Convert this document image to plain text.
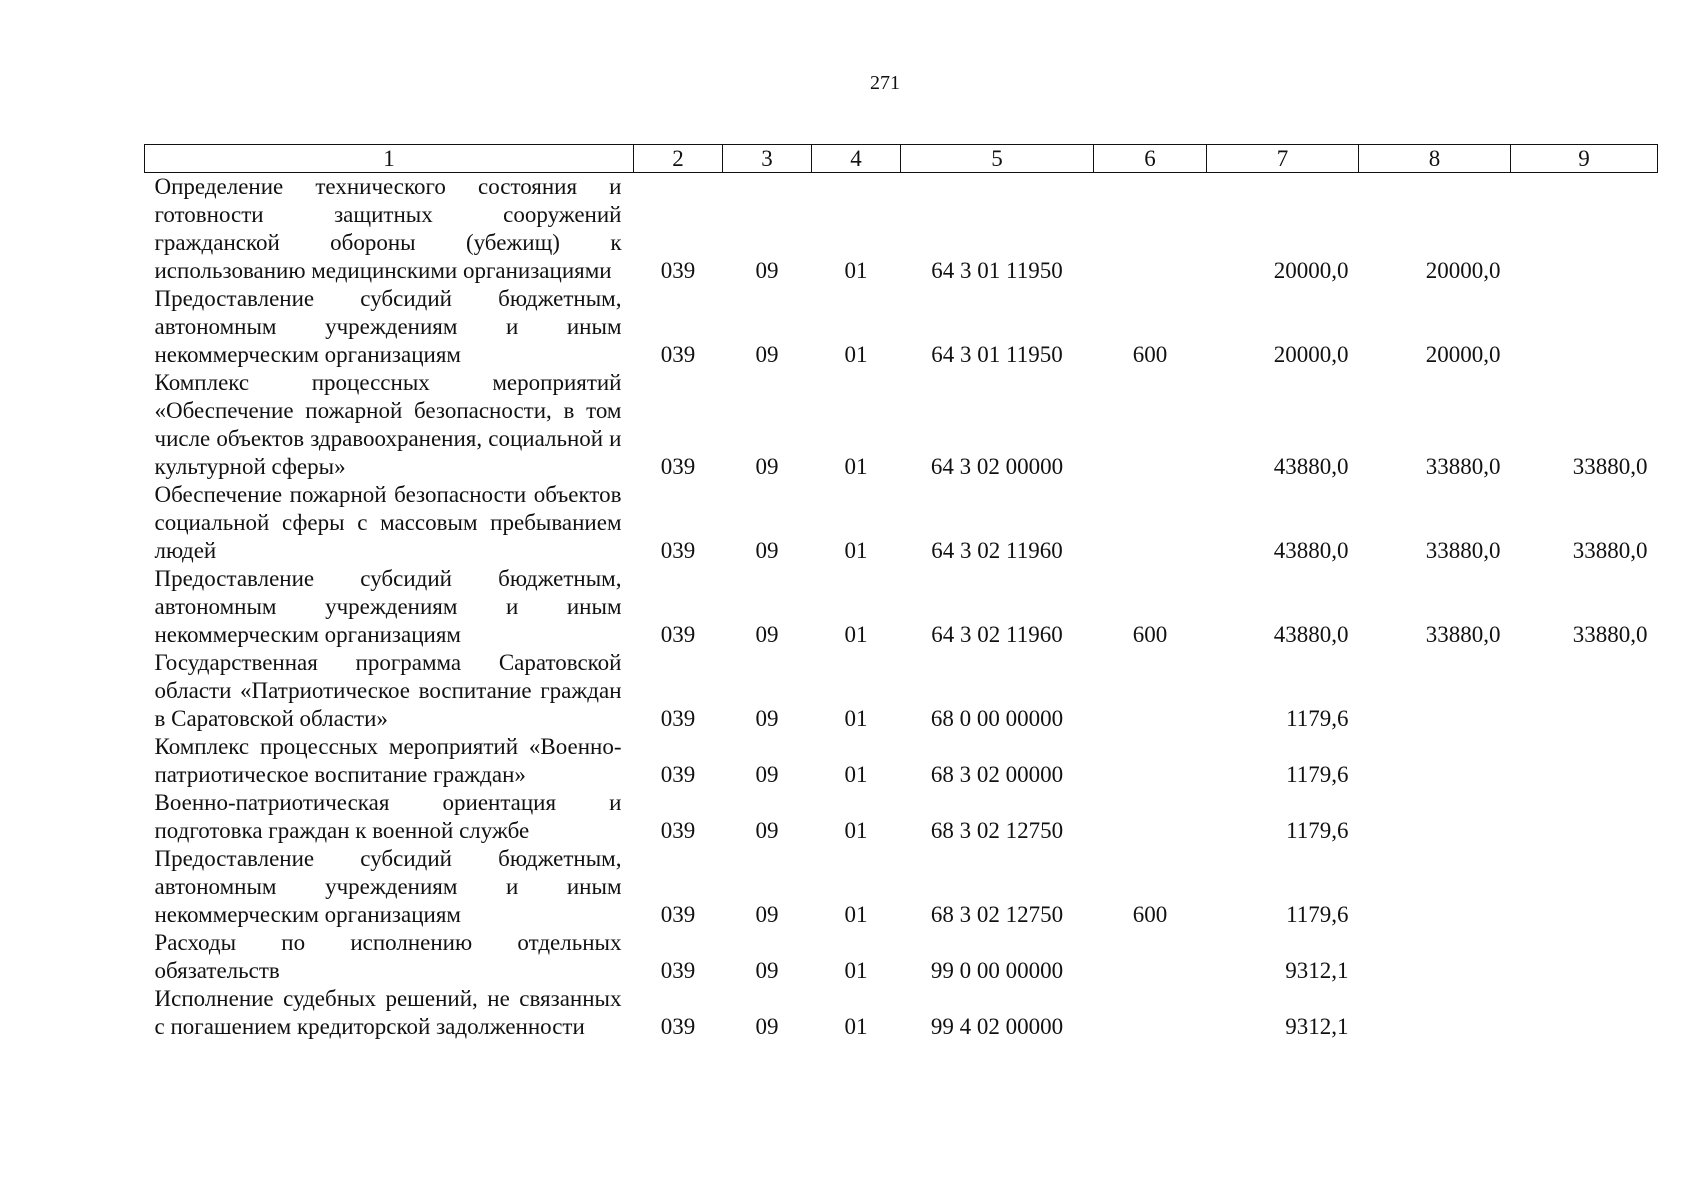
271
1	2	3	4	5	6	7	8	9
Определение технического состояния и готовности защитных сооружений гражданской обороны (убежищ) к использованию медицинскими организациями	039	09	01	64 3 01 11950		20000,0	20000,0	
Предоставление субсидий бюджетным, автономным учреждениям и иным некоммерческим организациям	039	09	01	64 3 01 11950	600	20000,0	20000,0	
Комплекс процессных мероприятий «Обеспечение пожарной безопасности, в том числе объектов здравоохранения, социальной и культурной сферы»	039	09	01	64 3 02 00000		43880,0	33880,0	33880,0
Обеспечение пожарной безопасности объектов социальной сферы с массовым пребыванием людей	039	09	01	64 3 02 11960		43880,0	33880,0	33880,0
Предоставление субсидий бюджетным, автономным учреждениям и иным некоммерческим организациям	039	09	01	64 3 02 11960	600	43880,0	33880,0	33880,0
Государственная программа Саратовской области «Патриотическое воспитание граждан в Саратовской области»	039	09	01	68 0 00 00000		1179,6		
Комплекс процессных мероприятий «Военно-патриотическое воспитание граждан»	039	09	01	68 3 02 00000		1179,6		
Военно-патриотическая ориентация и подготовка граждан к военной службе	039	09	01	68 3 02 12750		1179,6		
Предоставление субсидий бюджетным, автономным учреждениям и иным некоммерческим организациям	039	09	01	68 3 02 12750	600	1179,6		
Расходы по исполнению отдельных обязательств	039	09	01	99 0 00 00000		9312,1		
Исполнение судебных решений, не связанных с погашением кредиторской задолженности	039	09	01	99 4 02 00000		9312,1		
